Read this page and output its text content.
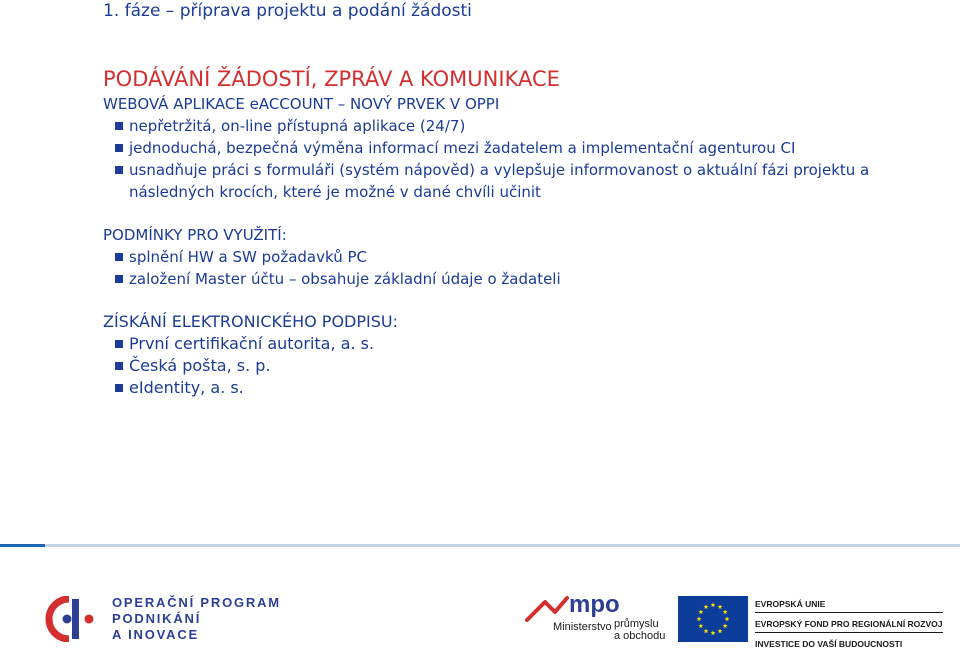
1. fáze – příprava projektu a podání žádosti
PODÁVÁNÍ ŽÁDOSTÍ, ZPRÁV A KOMUNIKACE
WEBOVÁ APLIKACE eACCOUNT – NOVÝ PRVEK V OPPI
nepřetržitá, on-line přístupná aplikace (24/7)
jednoduchá, bezpečná výměna informací mezi žadatelem a implementační agenturou CI
usnadňuje práci s formuláři (systém nápověd) a vylepšuje informovanost o aktuální fázi projektu a následných krocích, které je možné v dané chvíli učinit
PODMÍNKY PRO VYUŽITÍ:
splnění HW a SW požadavků PC
založení Master účtu – obsahuje základní údaje o žadateli
ZÍSKÁNÍ ELEKTRONICKÉHO PODPISU:
První certifikační autorita, a. s.
Česká pošta, s. p.
eIdentity, a. s.
OPERAČNÍ PROGRAM
PODNIKÁNÍ
A INOVACE
mpo
Ministerstvo průmyslu
a obchodu
EVROPSKÁ UNIE
EVROPSKÝ FOND PRO REGIONÁLNÍ ROZVOJ
INVESTICE DO VAŠÍ BUDOUCNOSTI
